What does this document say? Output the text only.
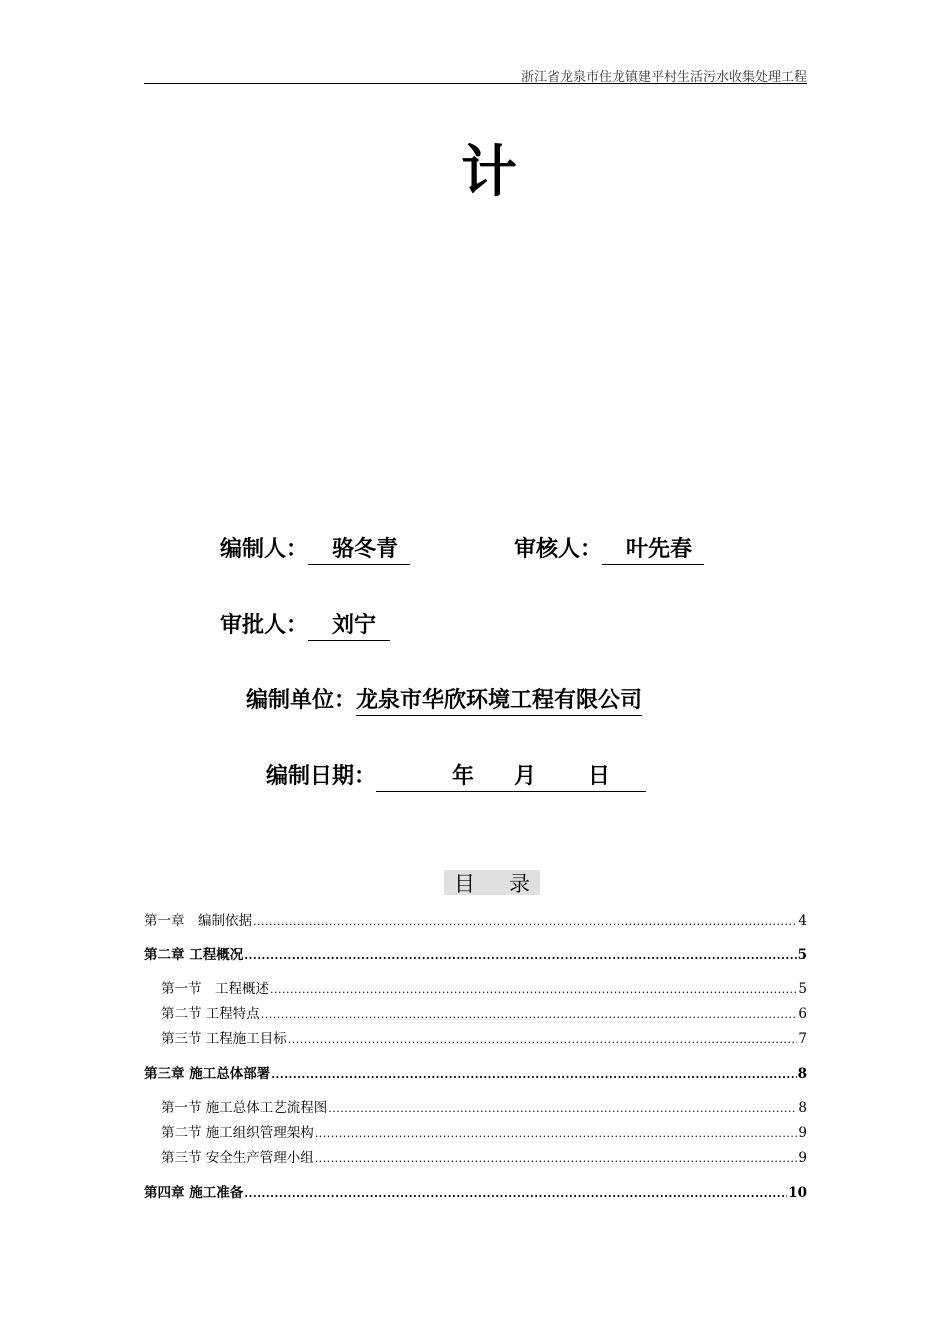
浙江省龙泉市住龙镇建平村生活污水收集处理工程
计
编制人： 骆冬青	审核人： 叶先春
审批人： 刘宁
编制单位：龙泉市华欣环境工程有限公司
编制日期：	年 月 日
目 录
第一章　编制依据 .....	4
第二章 工程概况 .....	5
第一节　工程概述 .....	5
第二节 工程特点 .....	6
第三节 工程施工目标 .....	7
第三章 施工总体部署 .....	8
第一节 施工总体工艺流程图 .....	8
第二节 施工组织管理架构 .....	9
第三节 安全生产管理小组 .....	9
第四章 施工准备 .....	10
